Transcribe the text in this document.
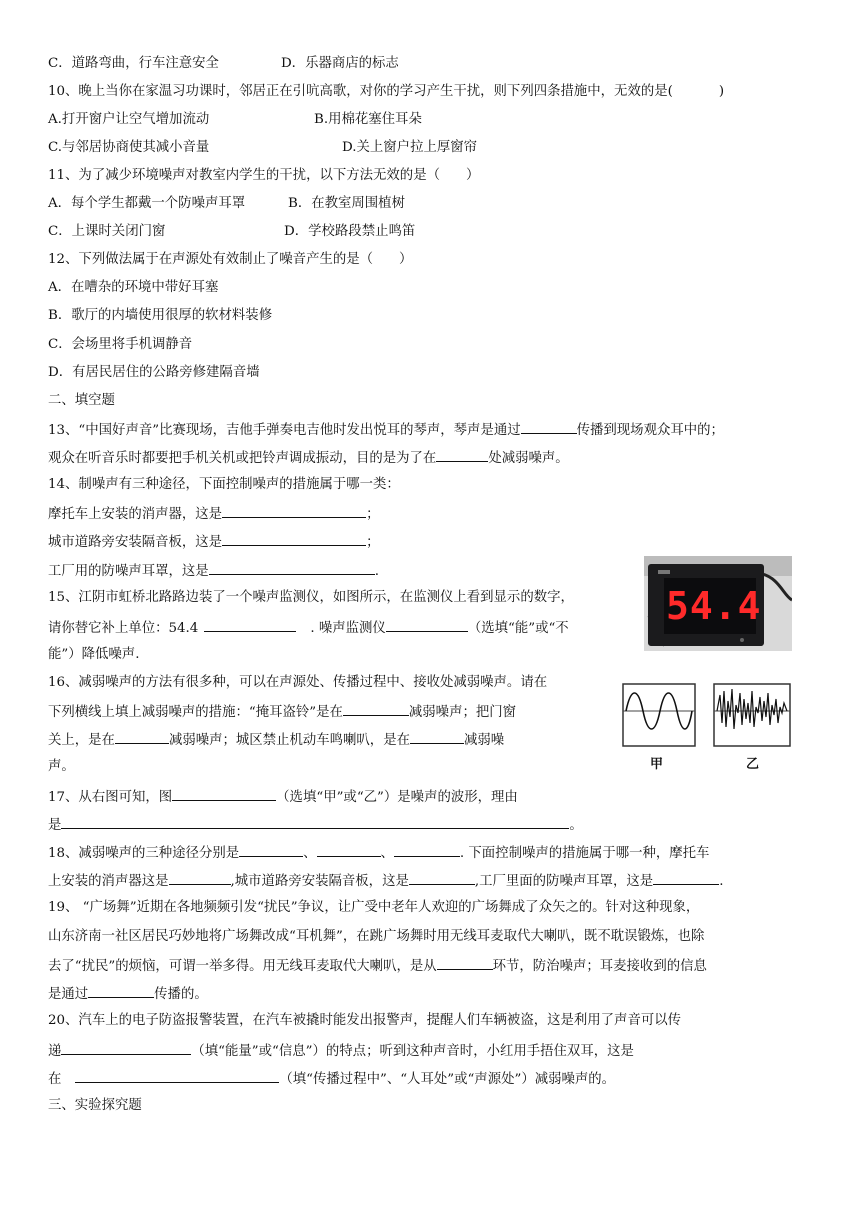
C．道路弯曲，行车注意安全	D．乐器商店的标志
10、晚上当你在家温习功课时，邻居正在引吭高歌，对你的学习产生干扰，则下列四条措施中，无效的是(	)
A.打开窗户让空气增加流动	B.用棉花塞住耳朵
C.与邻居协商使其减小音量	D.关上窗户拉上厚窗帘
11、为了减少环境噪声对教室内学生的干扰，以下方法无效的是（ ）
A．每个学生都戴一个防噪声耳罩	B．在教室周围植树
C．上课时关闭门窗	D．学校路段禁止鸣笛
12、下列做法属于在声源处有效制止了噪音产生的是（ ）
A．在嘈杂的环境中带好耳塞
B．歌厅的内墙使用很厚的软材料装修
C．会场里将手机调静音
D．有居民居住的公路旁修建隔音墙
二、填空题
13、“中国好声音”比赛现场，吉他手弹奏电吉他时发出悦耳的琴声，琴声是通过	传播到现场观众耳中的；
观众在听音乐时都要把手机关机或把铃声调成振动，目的是为了在	处减弱噪声。
14、制噪声有三种途径，下面控制噪声的措施属于哪一类：
摩托车上安装的消声器，这是	；
城市道路旁安装隔音板，这是	；
工厂用的防噪声耳罩，这是	.
54.4
15、江阴市虹桥北路路边装了一个噪声监测仪，如图所示，在监测仪上看到显示的数字，
请你替它补上单位：54.4	. 噪声监测仪	（选填“能”或“不
能”）降低噪声.
甲	乙
16、减弱噪声的方法有很多种，可以在声源处、传播过程中、接收处减弱噪声。请在
下列横线上填上减弱噪声的措施：“掩耳盗铃”是在	减弱噪声；把门窗
关上，是在	减弱噪声；城区禁止机动车鸣喇叭，是在	减弱噪
声。
17、从右图可知，图	（选填“甲”或“乙”）是噪声的波形，理由
是	。
18、减弱噪声的三种途径分别是	、	、	. 下面控制噪声的措施属于哪一种，摩托车
上安装的消声器这是	,城市道路旁安装隔音板，这是	,工厂里面的防噪声耳罩，这是	.
19、 “广场舞”近期在各地频频引发“扰民”争议，让广受中老年人欢迎的广场舞成了众矢之的。针对这种现象，
山东济南一社区居民巧妙地将广场舞改成“耳机舞”，在跳广场舞时用无线耳麦取代大喇叭，既不耽误锻炼，也除
去了“扰民”的烦恼，可谓一举多得。用无线耳麦取代大喇叭，是从	环节，防治噪声；耳麦接收到的信息
是通过	传播的。
20、汽车上的电子防盗报警装置，在汽车被撬时能发出报警声，提醒人们车辆被盗，这是利用了声音可以传
递	（填“能量”或“信息”）的特点；听到这种声音时，小红用手捂住双耳，这是
在	（填“传播过程中”、“人耳处”或“声源处”）减弱噪声的。
三、实验探究题
